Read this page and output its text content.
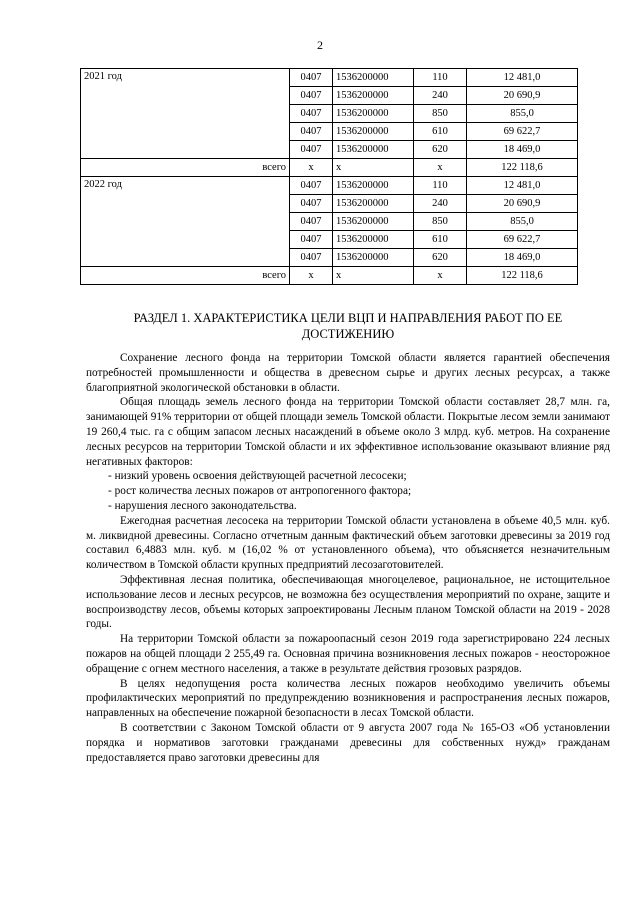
2
2021 год	0407	1536200000	110	12 481,0
	0407	1536200000	240	20 690,9
	0407	1536200000	850	855,0
	0407	1536200000	610	69 622,7
	0407	1536200000	620	18 469,0
всего	х	х	х	122 118,6
2022 год	0407	1536200000	110	12 481,0
	0407	1536200000	240	20 690,9
	0407	1536200000	850	855,0
	0407	1536200000	610	69 622,7
	0407	1536200000	620	18 469,0
всего	х	х	х	122 118,6
РАЗДЕЛ 1. ХАРАКТЕРИСТИКА ЦЕЛИ ВЦП И НАПРАВЛЕНИЯ РАБОТ ПО ЕЕ ДОСТИЖЕНИЮ

Сохранение лесного фонда на территории Томской области является гарантией обеспечения потребностей промышленности и общества в древесном сырье и других лесных ресурсах, а также благоприятной экологической обстановки в области.

Общая площадь земель лесного фонда на территории Томской области составляет 28,7 млн. га, занимающей 91% территории от общей площади земель Томской области. Покрытые лесом земли занимают 19 260,4 тыс. га с общим запасом лесных насаждений в объеме около 3 млрд. куб. метров. На сохранение лесных ресурсов на территории Томской области и их эффективное использование оказывают влияние ряд негативных факторов:

- низкий уровень освоения действующей расчетной лесосеки;

- рост количества лесных пожаров от антропогенного фактора;

- нарушения лесного законодательства.

Ежегодная расчетная лесосека на территории Томской области установлена в объеме 40,5 млн. куб. м. ликвидной древесины. Согласно отчетным данным фактический объем заготовки древесины за 2019 год составил 6,4883 млн. куб. м (16,02 % от установленного объема), что объясняется незначительным количеством в Томской области крупных предприятий лесозаготовителей.

Эффективная лесная политика, обеспечивающая многоцелевое, рациональное, не истощительное использование лесов и лесных ресурсов, не возможна без осуществления мероприятий по охране, защите и воспроизводству лесов, объемы которых запроектированы Лесным планом Томской области на 2019 - 2028 годы.

На территории Томской области за пожароопасный сезон 2019 года зарегистрировано 224 лесных пожаров на общей площади 2 255,49 га. Основная причина возникновения лесных пожаров - неосторожное обращение с огнем местного населения, а также в результате действия грозовых разрядов.

В целях недопущения роста количества лесных пожаров необходимо увеличить объемы профилактических мероприятий по предупреждению возникновения и распространения лесных пожаров, направленных на обеспечение пожарной безопасности в лесах Томской области.

В соответствии с Законом Томской области от 9 августа 2007 года № 165-ОЗ «Об установлении порядка и нормативов заготовки гражданами древесины для собственных нужд» гражданам предоставляется право заготовки древесины для
